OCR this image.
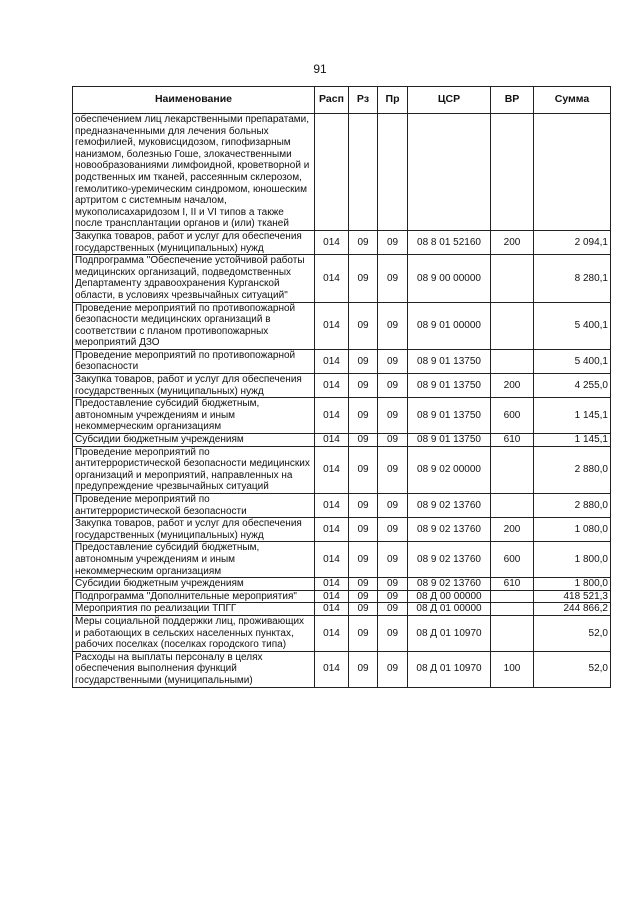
91
Наименование	Расп	Рз	Пр	ЦСР	ВР	Сумма
обеспечением лиц лекарственными препаратами, предназначенными для лечения больных гемофилией, муковисцидозом, гипофизарным нанизмом, болезнью Гоше, злокачественными новообразованиями лимфоидной, кроветворной и родственных им тканей, рассеянным склерозом, гемолитико-уремическим синдромом, юношеским артритом с системным началом, мукополисахаридозом I, II и VI типов а также после трансплантации органов и (или) тканей						
Закупка товаров, работ и услуг для обеспечения государственных (муниципальных) нужд	014	09	09	08 8 01 52160	200	2 094,1
Подпрограмма "Обеспечение устойчивой работы медицинских организаций, подведомственных Департаменту здравоохранения Курганской области, в условиях чрезвычайных ситуаций"	014	09	09	08 9 00 00000		8 280,1
Проведение мероприятий по противопожарной безопасности медицинских организаций в соответствии с планом противопожарных мероприятий ДЗО	014	09	09	08 9 01 00000		5 400,1
Проведение мероприятий по противопожарной безопасности	014	09	09	08 9 01 13750		5 400,1
Закупка товаров, работ и услуг для обеспечения государственных (муниципальных) нужд	014	09	09	08 9 01 13750	200	4 255,0
Предоставление субсидий бюджетным, автономным учреждениям и иным некоммерческим организациям	014	09	09	08 9 01 13750	600	1 145,1
Субсидии бюджетным учреждениям	014	09	09	08 9 01 13750	610	1 145,1
Проведение мероприятий по антитеррористической безопасности медицинских организаций и мероприятий, направленных на предупреждение чрезвычайных ситуаций	014	09	09	08 9 02 00000		2 880,0
Проведение мероприятий по антитеррористической безопасности	014	09	09	08 9 02 13760		2 880,0
Закупка товаров, работ и услуг для обеспечения государственных (муниципальных) нужд	014	09	09	08 9 02 13760	200	1 080,0
Предоставление субсидий бюджетным, автономным учреждениям и иным некоммерческим организациям	014	09	09	08 9 02 13760	600	1 800,0
Субсидии бюджетным учреждениям	014	09	09	08 9 02 13760	610	1 800,0
Подпрограмма "Дополнительные мероприятия"	014	09	09	08 Д 00 00000		418 521,3
Мероприятия по реализации ТПГГ	014	09	09	08 Д 01 00000		244 866,2
Меры социальной поддержки лиц, проживающих и работающих в сельских населенных пунктах, рабочих поселках (поселках городского типа)	014	09	09	08 Д 01 10970		52,0
Расходы на выплаты персоналу в целях обеспечения выполнения функций государственными (муниципальными)	014	09	09	08 Д 01 10970	100	52,0
